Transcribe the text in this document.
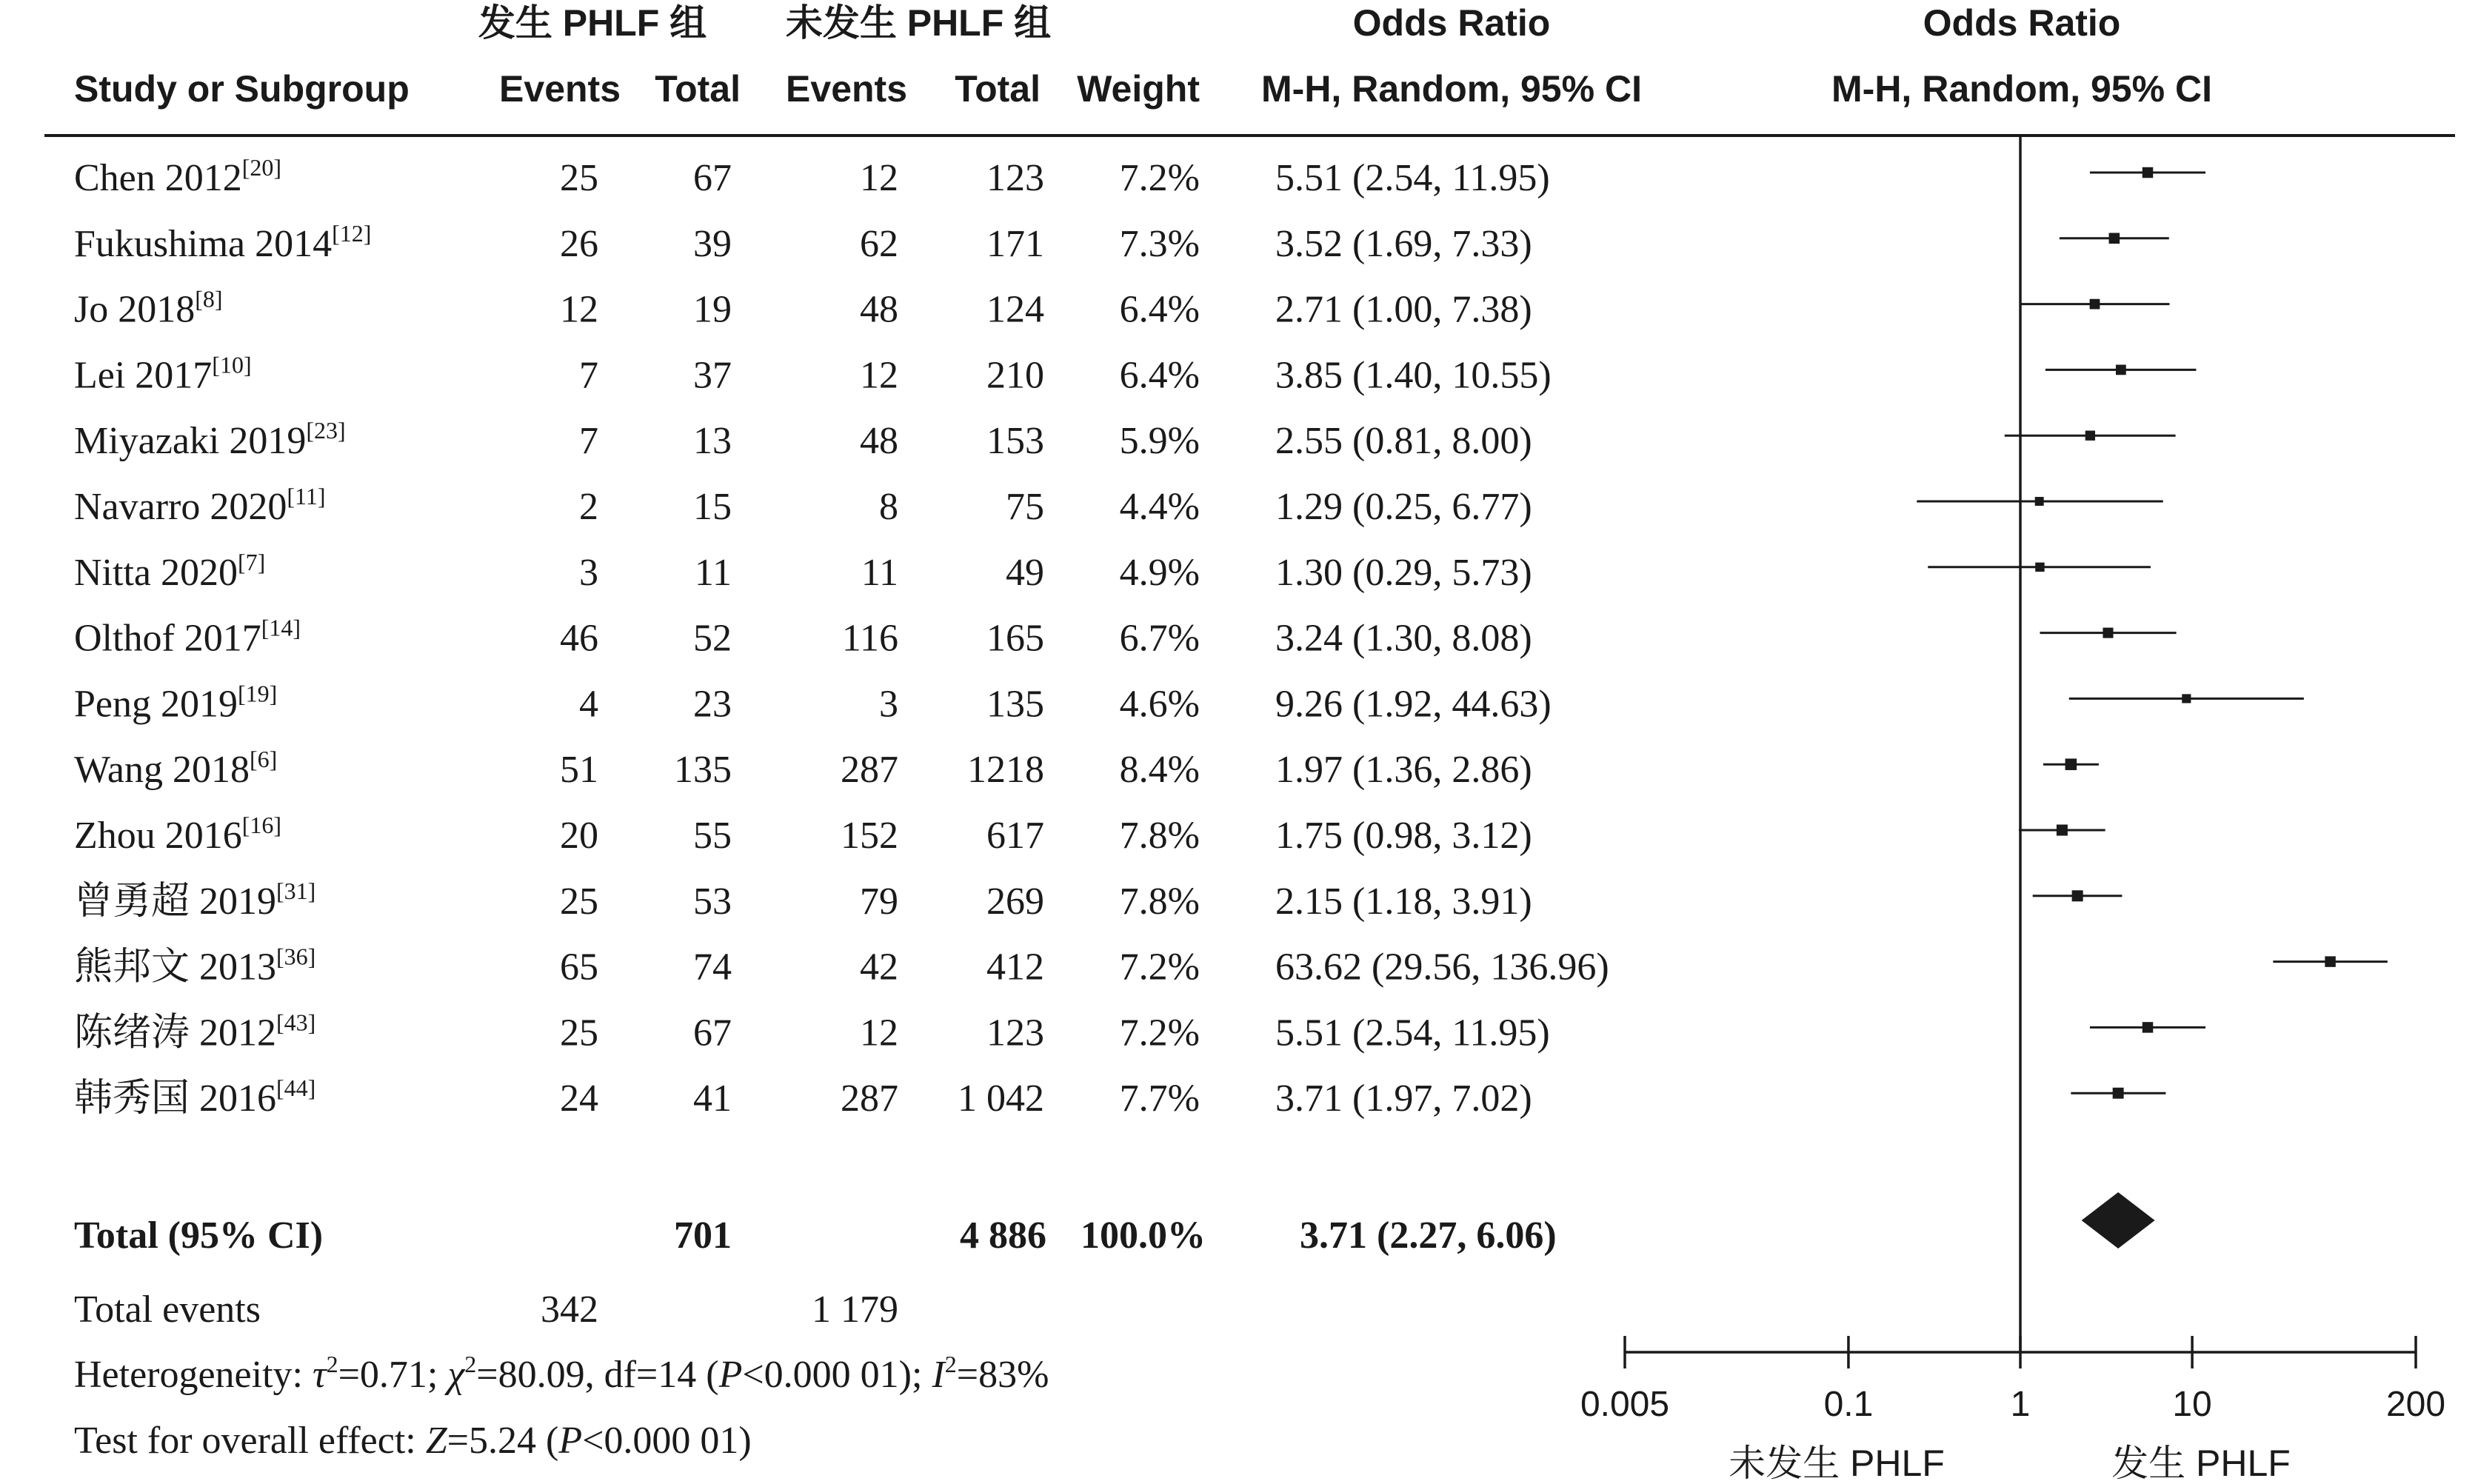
发生 PHLF 组 未发生 PHLF 组	Odds Ratio	Odds Ratio
Study or Subgroup Events Total Events Total Weight M-H, Random, 95% CI	M-H, Random, 95% CI
Chen 2012[20]	25 67	12 123 7.2% 5.51 (2.54, 11.95)
Fukushima 2014[12]	26 39	62 171 7.3% 3.52 (1.69, 7.33)
Jo 2018[8]	12 19	48 124 6.4% 2.71 (1.00, 7.38)
Lei 2017[10]	7 37	12 210 6.4% 3.85 (1.40, 10.55)
Miyazaki 2019[23]	7 13	48 153 5.9% 2.55 (0.81, 8.00)
Navarro 2020[11]	2 15	8	75 4.4% 1.29 (0.25, 6.77)
Nitta 2020[7]	3 11	11	49 4.9% 1.30 (0.29, 5.73)
Olthof 2017[14]	46 52	116 165 6.7% 3.24 (1.30, 8.08)
Peng 2019[19]	4 23	3 135 4.6% 9.26 (1.92, 44.63)
Wang 2018[6]	51 135	287 1218 8.4% 1.97 (1.36, 2.86)
Zhou 2016[16]	20 55	152 617 7.8% 1.75 (0.98, 3.12)
曾勇超 2019[31]	25 53	79 269 7.8% 2.15 (1.18, 3.91)
熊邦文 2013[36]	65 74	42 412 7.2% 63.62 (29.56, 136.96)
陈绪涛 2012[43]	25 67	12 123 7.2% 5.51 (2.54, 11.95)
韩秀国 2016[44]	24 41	287 1 042 7.7% 3.71 (1.97, 7.02)
Total (95% CI)	701	4 886 100.0% 3.71 (2.27, 6.06)
Total events	342	1 179
Heterogeneity: $\tau^2=0.71$; $\chi^2=80.09$, df=14 (P<0.000 01); $I^2=83\%$
Test for overall effect: Z=5.24 (P<0.000 01)
0.005	0.1	1	10	200
未发生 PHLF	发生 PHLF
